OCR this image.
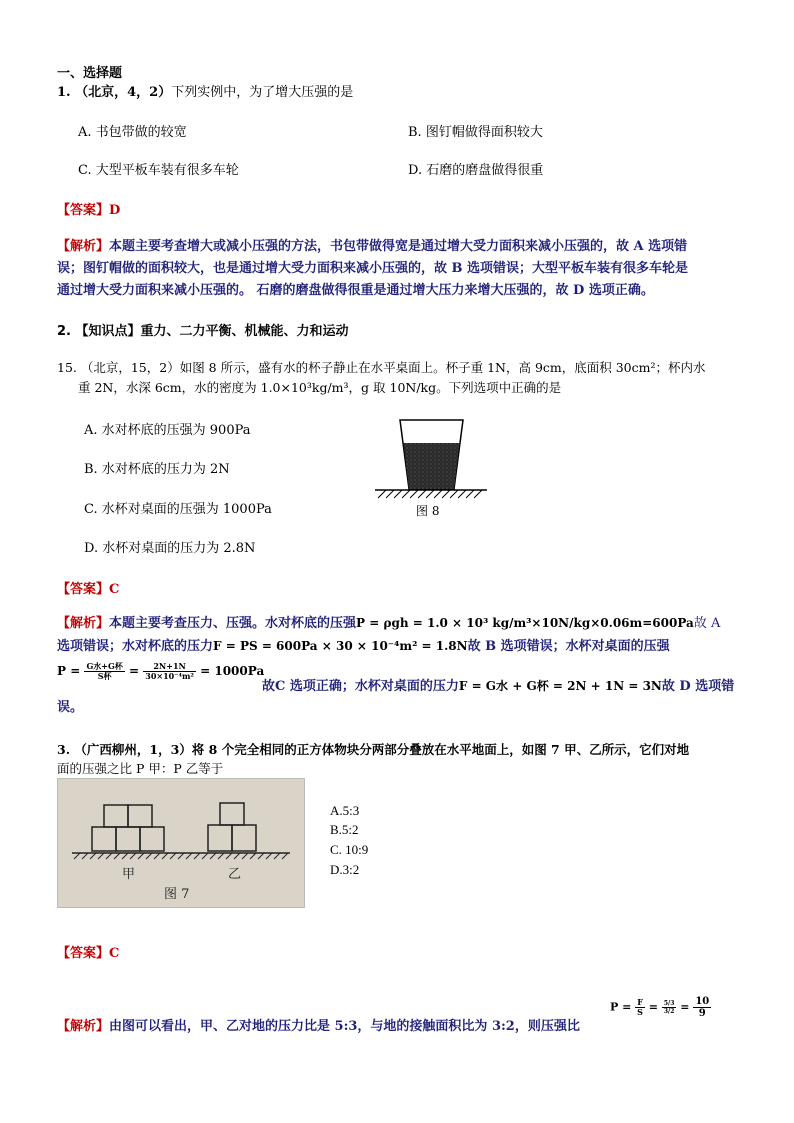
一、选择题
1. （北京，4，2）下列实例中，为了增大压强的是
A. 书包带做的较宽	B. 图钉帽做得面积较大
C. 大型平板车装有很多车轮	D. 石磨的磨盘做得很重
【答案】D
【解析】本题主要考查增大或减小压强的方法，书包带做得宽是通过增大受力面积来减小压强的，故 A 选项错
误；图钉帽做的面积较大，也是通过增大受力面积来减小压强的，故 B 选项错误；大型平板车装有很多车轮是
通过增大受力面积来减小压强的。 石磨的磨盘做得很重是通过增大压力来增大压强的，故 D 选项正确。
2. 【知识点】重力、二力平衡、机械能、力和运动
15. （北京，15，2）如图 8 所示，盛有水的杯子静止在水平桌面上。杯子重 1N，高 9cm，底面积 30cm²；杯内水
重 2N，水深 6cm，水的密度为 1.0×10³kg/m³，g 取 10N/kg。下列选项中正确的是
A. 水对杯底的压强为 900Pa
B. 水对杯底的压力为 2N
C. 水杯对桌面的压强为 1000Pa
D. 水杯对桌面的压力为 2.8N
图 8
【答案】C
【解析】本题主要考查压力、压强。水对杯底的压强P = ρgh = 1.0 × 10³ kg/m³×10N/kg×0.06m=600Pa故 A
选项错误；水对杯底的压力F = PS = 600Pa × 30 × 10⁻⁴m² = 1.8N故 B 选项错误；水杯对桌面的压强
$P = \frac{\text{G水+G杯}}{\text{S杯}} = \frac{2N+1N}{\text{30×10⁻⁴m²}} = 1000Pa$
故C 选项正确；水杯对桌面的压力F = G水 + G杯 = 2N + 1N = 3N故 D 选项错
误。
3. （广西柳州，1，3）将 8 个完全相同的正方体物块分两部分叠放在水平地面上，如图 7 甲、乙所示，它们对地
面的压强之比 P 甲：P 乙等于
甲	乙
图 7
A.5:3
B.5:2
C. 10:9
D.3:2
【答案】C
【解析】由图可以看出，甲、乙对地的压力比是 5:3，与地的接触面积比为 3:2，则压强比
$P = \frac{F}{S} = \frac{5/3}{3/2} = \frac{10}{9}$
